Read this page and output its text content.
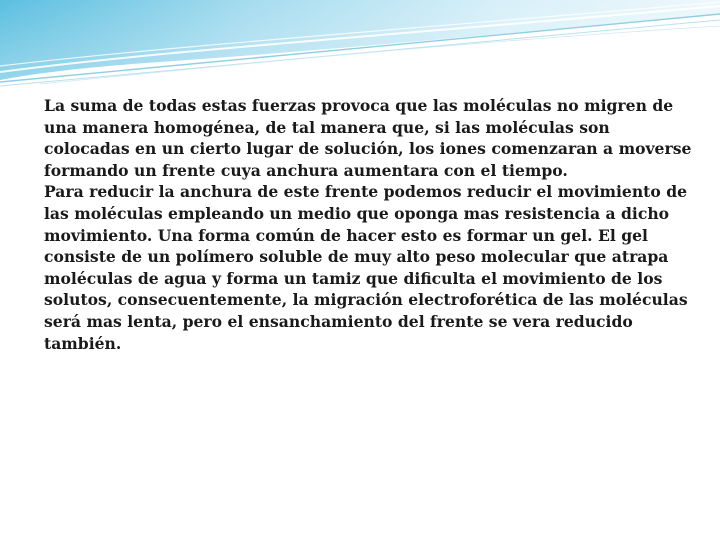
La suma de todas estas fuerzas provoca que las moléculas no migren de una manera homogénea, de tal manera que, si las moléculas son colocadas en un cierto lugar de solución, los iones comenzaran a moverse formando un frente cuya anchura aumentara con el tiempo.

Para reducir la anchura de este frente podemos reducir el movimiento de las moléculas empleando un medio que oponga mas resistencia a dicho movimiento. Una forma común de hacer esto es formar un gel. El gel consiste de un polímero soluble de muy alto peso molecular que atrapa moléculas de agua y forma un tamiz que dificulta el movimiento de los solutos, consecuentemente, la migración electroforética de las moléculas será mas lenta, pero el ensanchamiento del frente se vera reducido también.
